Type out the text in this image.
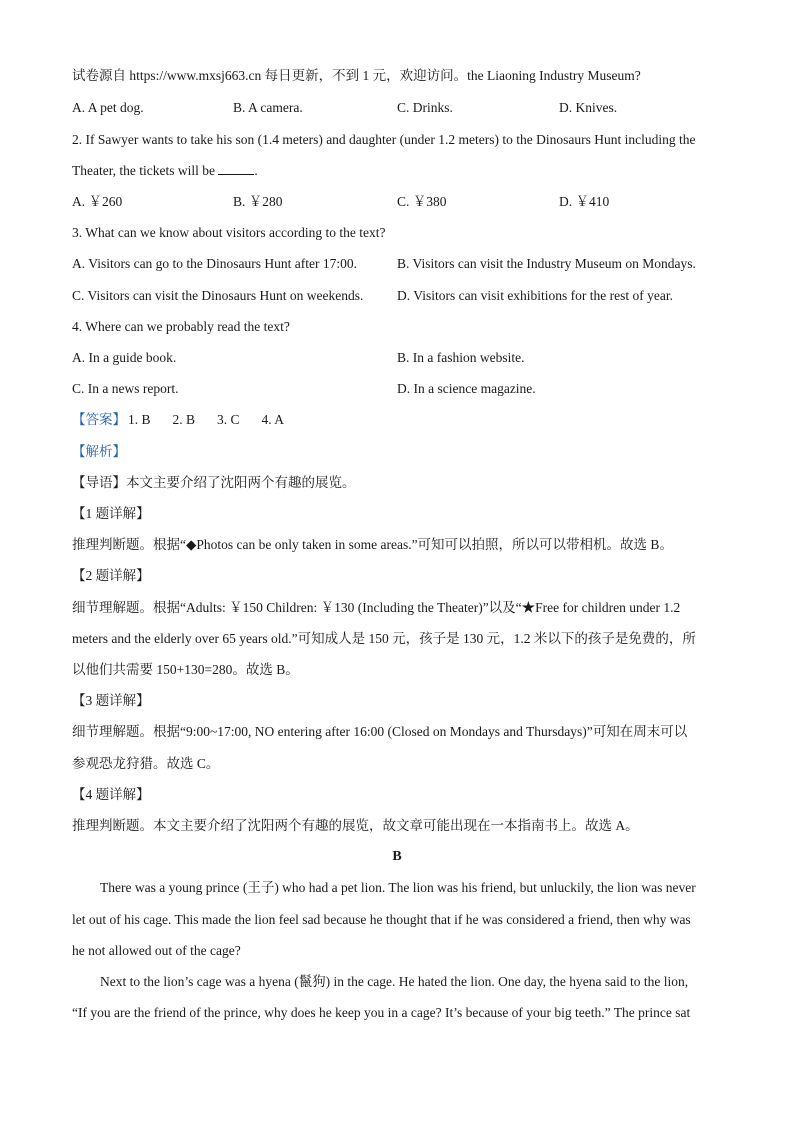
试卷源自 https://www.mxsj663.cn 每日更新，不到 1 元，欢迎访问。the Liaoning Industry Museum?
A. A pet dog.	B. A camera.	C. Drinks.	D. Knives.
2. If Sawyer wants to take his son (1.4 meters) and daughter (under 1.2 meters) to the Dinosaurs Hunt including the
Theater, the tickets will be	.
A. ￥260	B. ￥280	C. ￥380	D. ￥410
3. What can we know about visitors according to the text?
A. Visitors can go to the Dinosaurs Hunt after 17:00.	B. Visitors can visit the Industry Museum on Mondays.
C. Visitors can visit the Dinosaurs Hunt on weekends. D. Visitors can visit exhibitions for the rest of year.
4. Where can we probably read the text?
A. In a guide book.	B. In a fashion website.
C. In a news report.	D. In a science magazine.
【答案】 1. B 2. B 3. C 4. A
【解析】
【导语】本文主要介绍了沈阳两个有趣的展览。
【1 题详解】
推理判断题。根据“◆Photos can be only taken in some areas.”可知可以拍照，所以可以带相机。故选 B。
【2 题详解】
细节理解题。根据“Adults: ￥150 Children: ￥130 (Including the Theater)”以及“★Free for children under 1.2
meters and the elderly over 65 years old.”可知成人是 150 元，孩子是 130 元，1.2 米以下的孩子是免费的，所
以他们共需要 150+130=280。故选 B。
【3 题详解】
细节理解题。根据“9:00~17:00, NO entering after 16:00 (Closed on Mondays and Thursdays)”可知在周末可以
参观恐龙狩猎。故选 C。
【4 题详解】
推理判断题。本文主要介绍了沈阳两个有趣的展览，故文章可能出现在一本指南书上。故选 A。
B
There was a young prince (王子) who had a pet lion. The lion was his friend, but unluckily, the lion was never
let out of his cage. This made the lion feel sad because he thought that if he was considered a friend, then why was
he not allowed out of the cage?
Next to the lion’s cage was a hyena (鬣狗) in the cage. He hated the lion. One day, the hyena said to the lion,
“If you are the friend of the prince, why does he keep you in a cage? It’s because of your big teeth.” The prince sat
